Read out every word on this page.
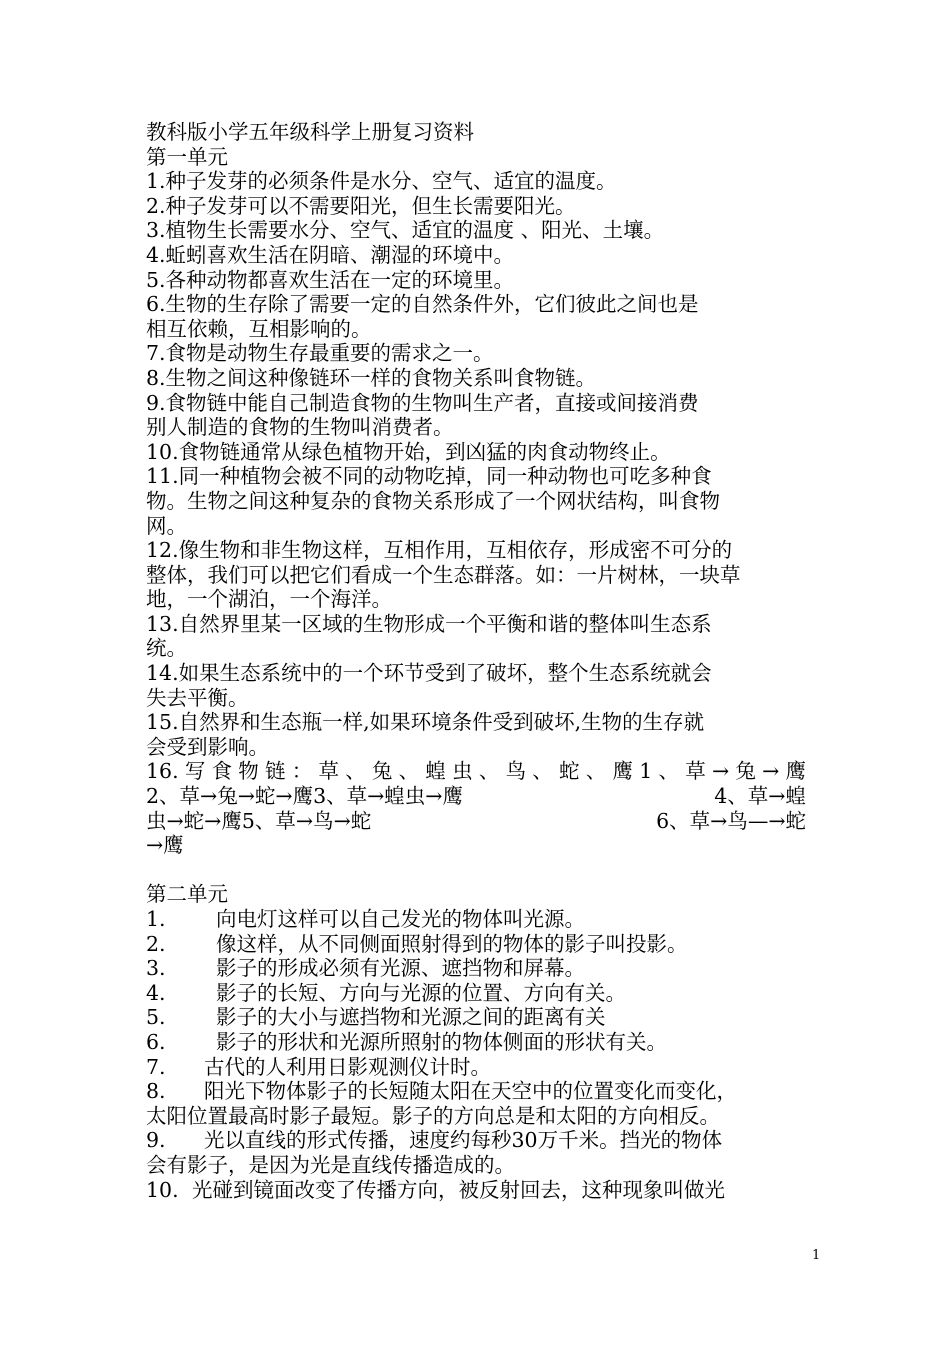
教科版小学五年级科学上册复习资料
第一单元
1.种子发芽的必须条件是水分、空气、适宜的温度。
2.种子发芽可以不需要阳光，但生长需要阳光。
3.植物生长需要水分、空气、适宜的温度 、阳光、土壤。
4.蚯蚓喜欢生活在阴暗、潮湿的环境中。
5.各种动物都喜欢生活在一定的环境里。
6.生物的生存除了需要一定的自然条件外，它们彼此之间也是
相互依赖，互相影响的。
7.食物是动物生存最重要的需求之一。
8.生物之间这种像链环一样的食物关系叫食物链。
9.食物链中能自己制造食物的生物叫生产者，直接或间接消费
别人制造的食物的生物叫消费者。
10.食物链通常从绿色植物开始，到凶猛的肉食动物终止。
11.同一种植物会被不同的动物吃掉，同一种动物也可吃多种食
物。生物之间这种复杂的食物关系形成了一个网状结构，叫食物
网。
12.像生物和非生物这样，互相作用，互相依存，形成密不可分的
整体，我们可以把它们看成一个生态群落。如：一片树林，一块草
地，一个湖泊，一个海洋。
13.自然界里某一区域的生物形成一个平衡和谐的整体叫生态系
统。
14.如果生态系统中的一个环节受到了破坏，整个生态系统就会
失去平衡。
15.自然界和生态瓶一样,如果环境条件受到破坏,生物的生存就
会受到影响。
16.写食物链：草、兔、蝗虫、鸟、蛇、鹰1、草→兔→鹰
2、草→兔→蛇→鹰3、草→蝗虫→鹰	4、草→蝗
虫→蛇→鹰5、草→鸟→蛇	6、草→鸟—→蛇
→鹰
第二单元
1. 向电灯这样可以自己发光的物体叫光源。
2. 像这样，从不同侧面照射得到的物体的影子叫投影。
3. 影子的形成必须有光源、遮挡物和屏幕。
4. 影子的长短、方向与光源的位置、方向有关。
5. 影子的大小与遮挡物和光源之间的距离有关
6. 影子的形状和光源所照射的物体侧面的形状有关。
7. 古代的人利用日影观测仪计时。
8. 阳光下物体影子的长短随太阳在天空中的位置变化而变化，
太阳位置最高时影子最短。影子的方向总是和太阳的方向相反。
9. 光以直线的形式传播，速度约每秒30万千米。挡光的物体
会有影子，是因为光是直线传播造成的。
10. 光碰到镜面改变了传播方向，被反射回去，这种现象叫做光
1
